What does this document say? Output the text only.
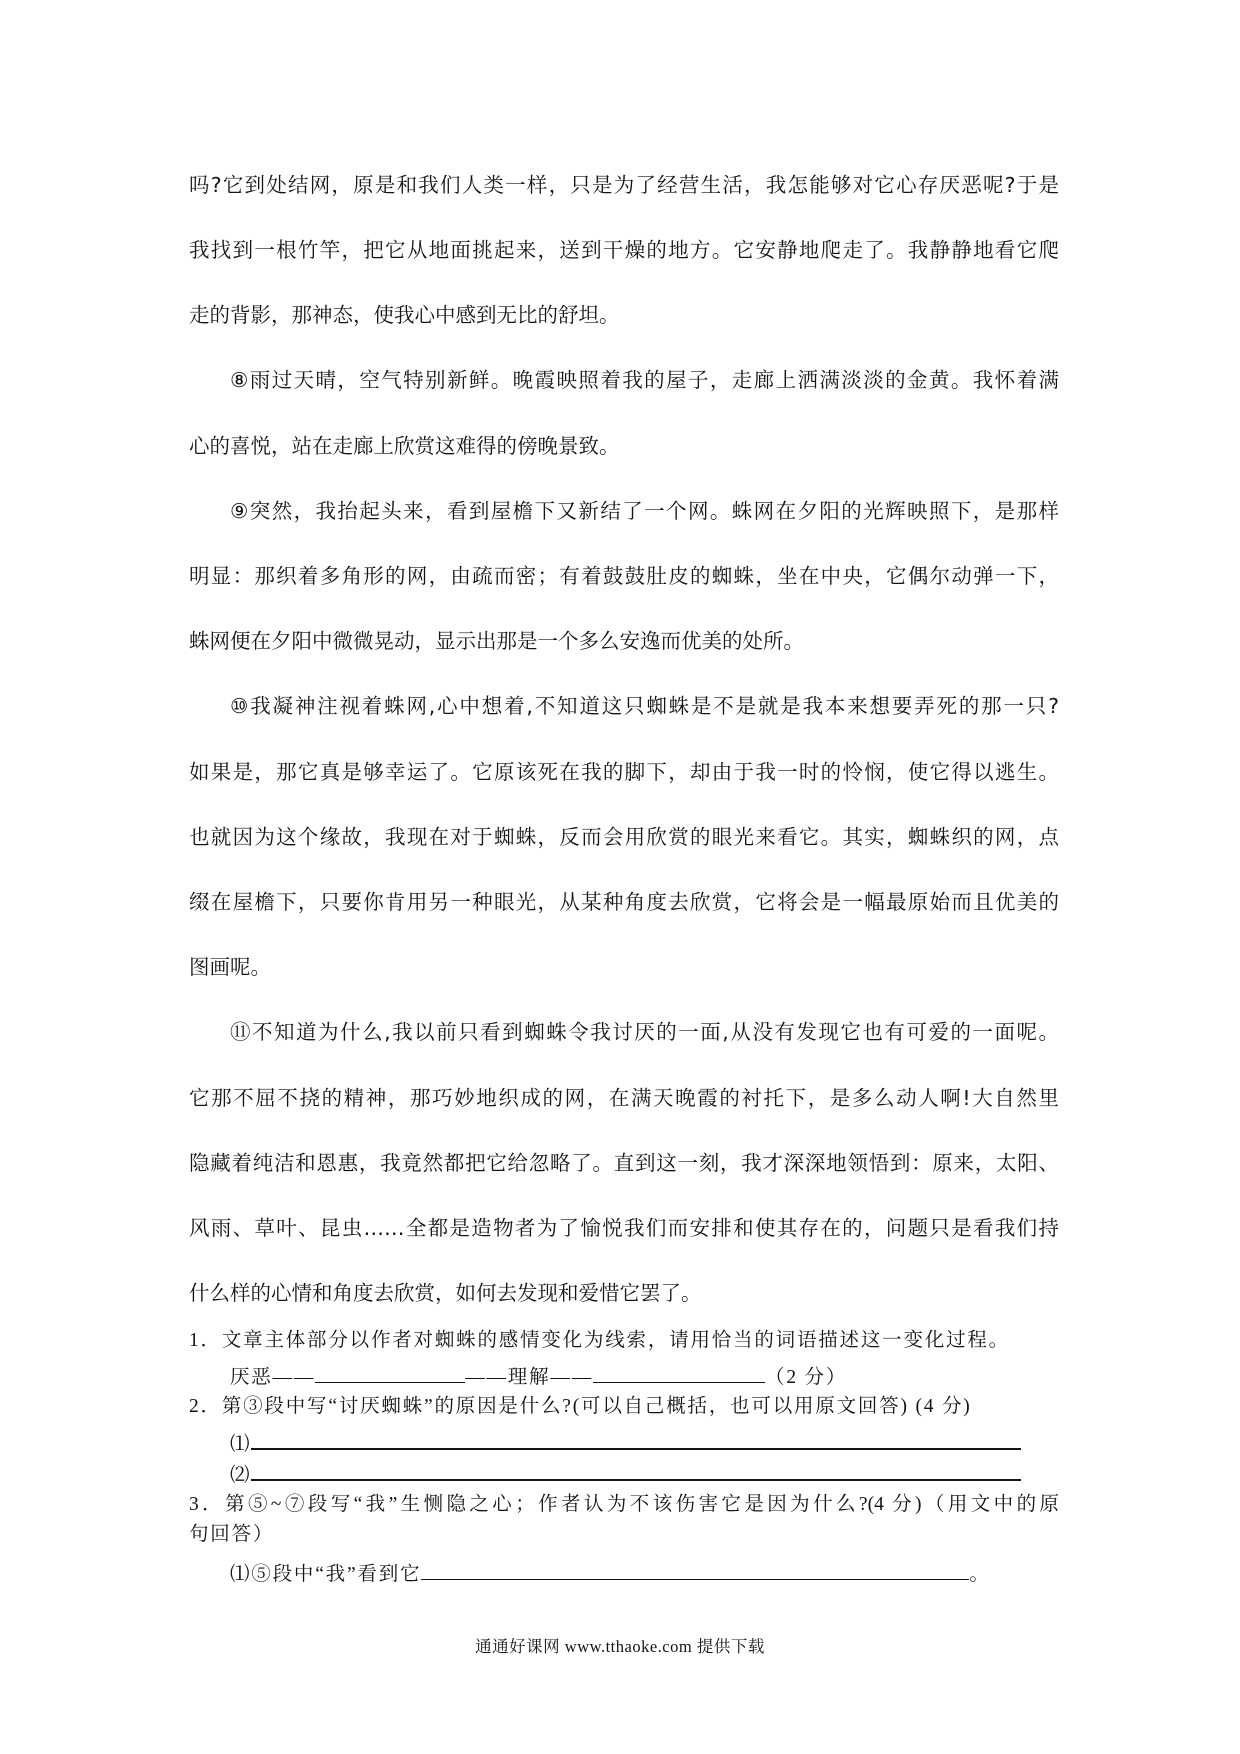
吗?它到处结网，原是和我们人类一样，只是为了经营生活，我怎能够对它心存厌恶呢?于是
我找到一根竹竿，把它从地面挑起来，送到干燥的地方。它安静地爬走了。我静静地看它爬
走的背影，那神态，使我心中感到无比的舒坦。
⑧雨过天晴，空气特别新鲜。晚霞映照着我的屋子，走廊上洒满淡淡的金黄。我怀着满
心的喜悦，站在走廊上欣赏这难得的傍晚景致。
⑨突然，我抬起头来，看到屋檐下又新结了一个网。蛛网在夕阳的光辉映照下，是那样
明显：那织着多角形的网，由疏而密；有着鼓鼓肚皮的蜘蛛，坐在中央，它偶尔动弹一下，
蛛网便在夕阳中微微晃动，显示出那是一个多么安逸而优美的处所。
⑩我凝神注视着蛛网,心中想着,不知道这只蜘蛛是不是就是我本来想要弄死的那一只?
如果是，那它真是够幸运了。它原该死在我的脚下，却由于我一时的怜悯，使它得以逃生。
也就因为这个缘故，我现在对于蜘蛛，反而会用欣赏的眼光来看它。其实，蜘蛛织的网，点
缀在屋檐下，只要你肯用另一种眼光，从某种角度去欣赏，它将会是一幅最原始而且优美的
图画呢。
⑪不知道为什么,我以前只看到蜘蛛令我讨厌的一面,从没有发现它也有可爱的一面呢。
它那不屈不挠的精神，那巧妙地织成的网，在满天晚霞的衬托下，是多么动人啊!大自然里
隐藏着纯洁和恩惠，我竟然都把它给忽略了。直到这一刻，我才深深地领悟到：原来，太阳、
风雨、草叶、昆虫……全都是造物者为了愉悦我们而安排和使其存在的，问题只是看我们持
什么样的心情和角度去欣赏，如何去发现和爱惜它罢了。
1．文章主体部分以作者对蜘蛛的感情变化为线索，请用恰当的词语描述这一变化过程。
厌恶——	——理解——	（2 分）
2．第③段中写“讨厌蜘蛛”的原因是什么?(可以自己概括，也可以用原文回答) (4 分)
⑴
⑵
3．第⑤~⑦段写“我”生恻隐之心；作者认为不该伤害它是因为什么?(4 分)（用文中的原
句回答）
⑴⑤段中“我”看到它	。
通通好课网 www.tthaoke.com 提供下载
